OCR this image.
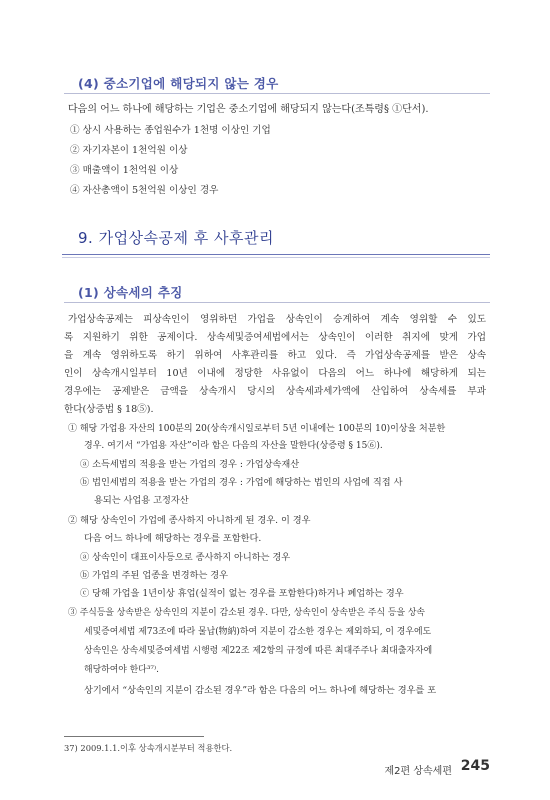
(4) 중소기업에 해당되지 않는 경우
다음의 어느 하나에 해당하는 기업은 중소기업에 해당되지 않는다(조특령§ ①단서).
① 상시 사용하는 종업원수가 1천명 이상인 기업
② 자기자본이 1천억원 이상
③ 매출액이 1천억원 이상
④ 자산총액이 5천억원 이상인 경우
9. 가업상속공제 후 사후관리
(1) 상속세의 추징
가업상속공제는 피상속인이 영위하던 가업을 상속인이 승계하여 계속 영위할 수 있도
록 지원하기 위한 공제이다. 상속세및증여세법에서는 상속인이 이러한 취지에 맞게 가업
을 계속 영위하도록 하기 위하여 사후관리를 하고 있다. 즉 가업상속공제를 받은 상속
인이 상속개시일부터 10년 이내에 정당한 사유없이 다음의 어느 하나에 해당하게 되는
경우에는 공제받은 금액을 상속개시 당시의 상속세과세가액에 산입하여 상속세를 부과
한다(상증법 § 18⑤).
① 해당 가업용 자산의 100분의 20(상속개시일로부터 5년 이내에는 100분의 10)이상을 처분한
경우. 여기서 “가업용 자산”이라 함은 다음의 자산을 말한다(상증령 § 15⑥).
ⓐ 소득세법의 적용을 받는 가업의 경우 : 가업상속재산
ⓑ 법인세법의 적용을 받는 가업의 경우 : 가업에 해당하는 법인의 사업에 직접 사
용되는 사업용 고정자산
② 해당 상속인이 가업에 종사하지 아니하게 된 경우. 이 경우
다음 어느 하나에 해당하는 경우를 포함한다.
ⓐ 상속인이 대표이사등으로 종사하지 아니하는 경우
ⓑ 가업의 주된 업종을 변경하는 경우
ⓒ 당해 가업을 1년이상 휴업(실적이 없는 경우를 포함한다)하거나 폐업하는 경우
③ 주식등을 상속받은 상속인의 지분이 감소된 경우. 다만, 상속인이 상속받은 주식 등을 상속
세및증여세법 제73조에 따라 물납(物納)하여 지분이 감소한 경우는 제외하되, 이 경우에도
상속인은 상속세및증여세법 시행령 제22조 제2항의 규정에 따른 최대주주나 최대출자자에
해당하여야 한다³⁷⁾.
상기에서 “상속인의 지분이 감소된 경우”라 함은 다음의 어느 하나에 해당하는 경우를 포
37) 2009.1.1.이후 상속개시분부터 적용한다.
제2편 상속세편 245
